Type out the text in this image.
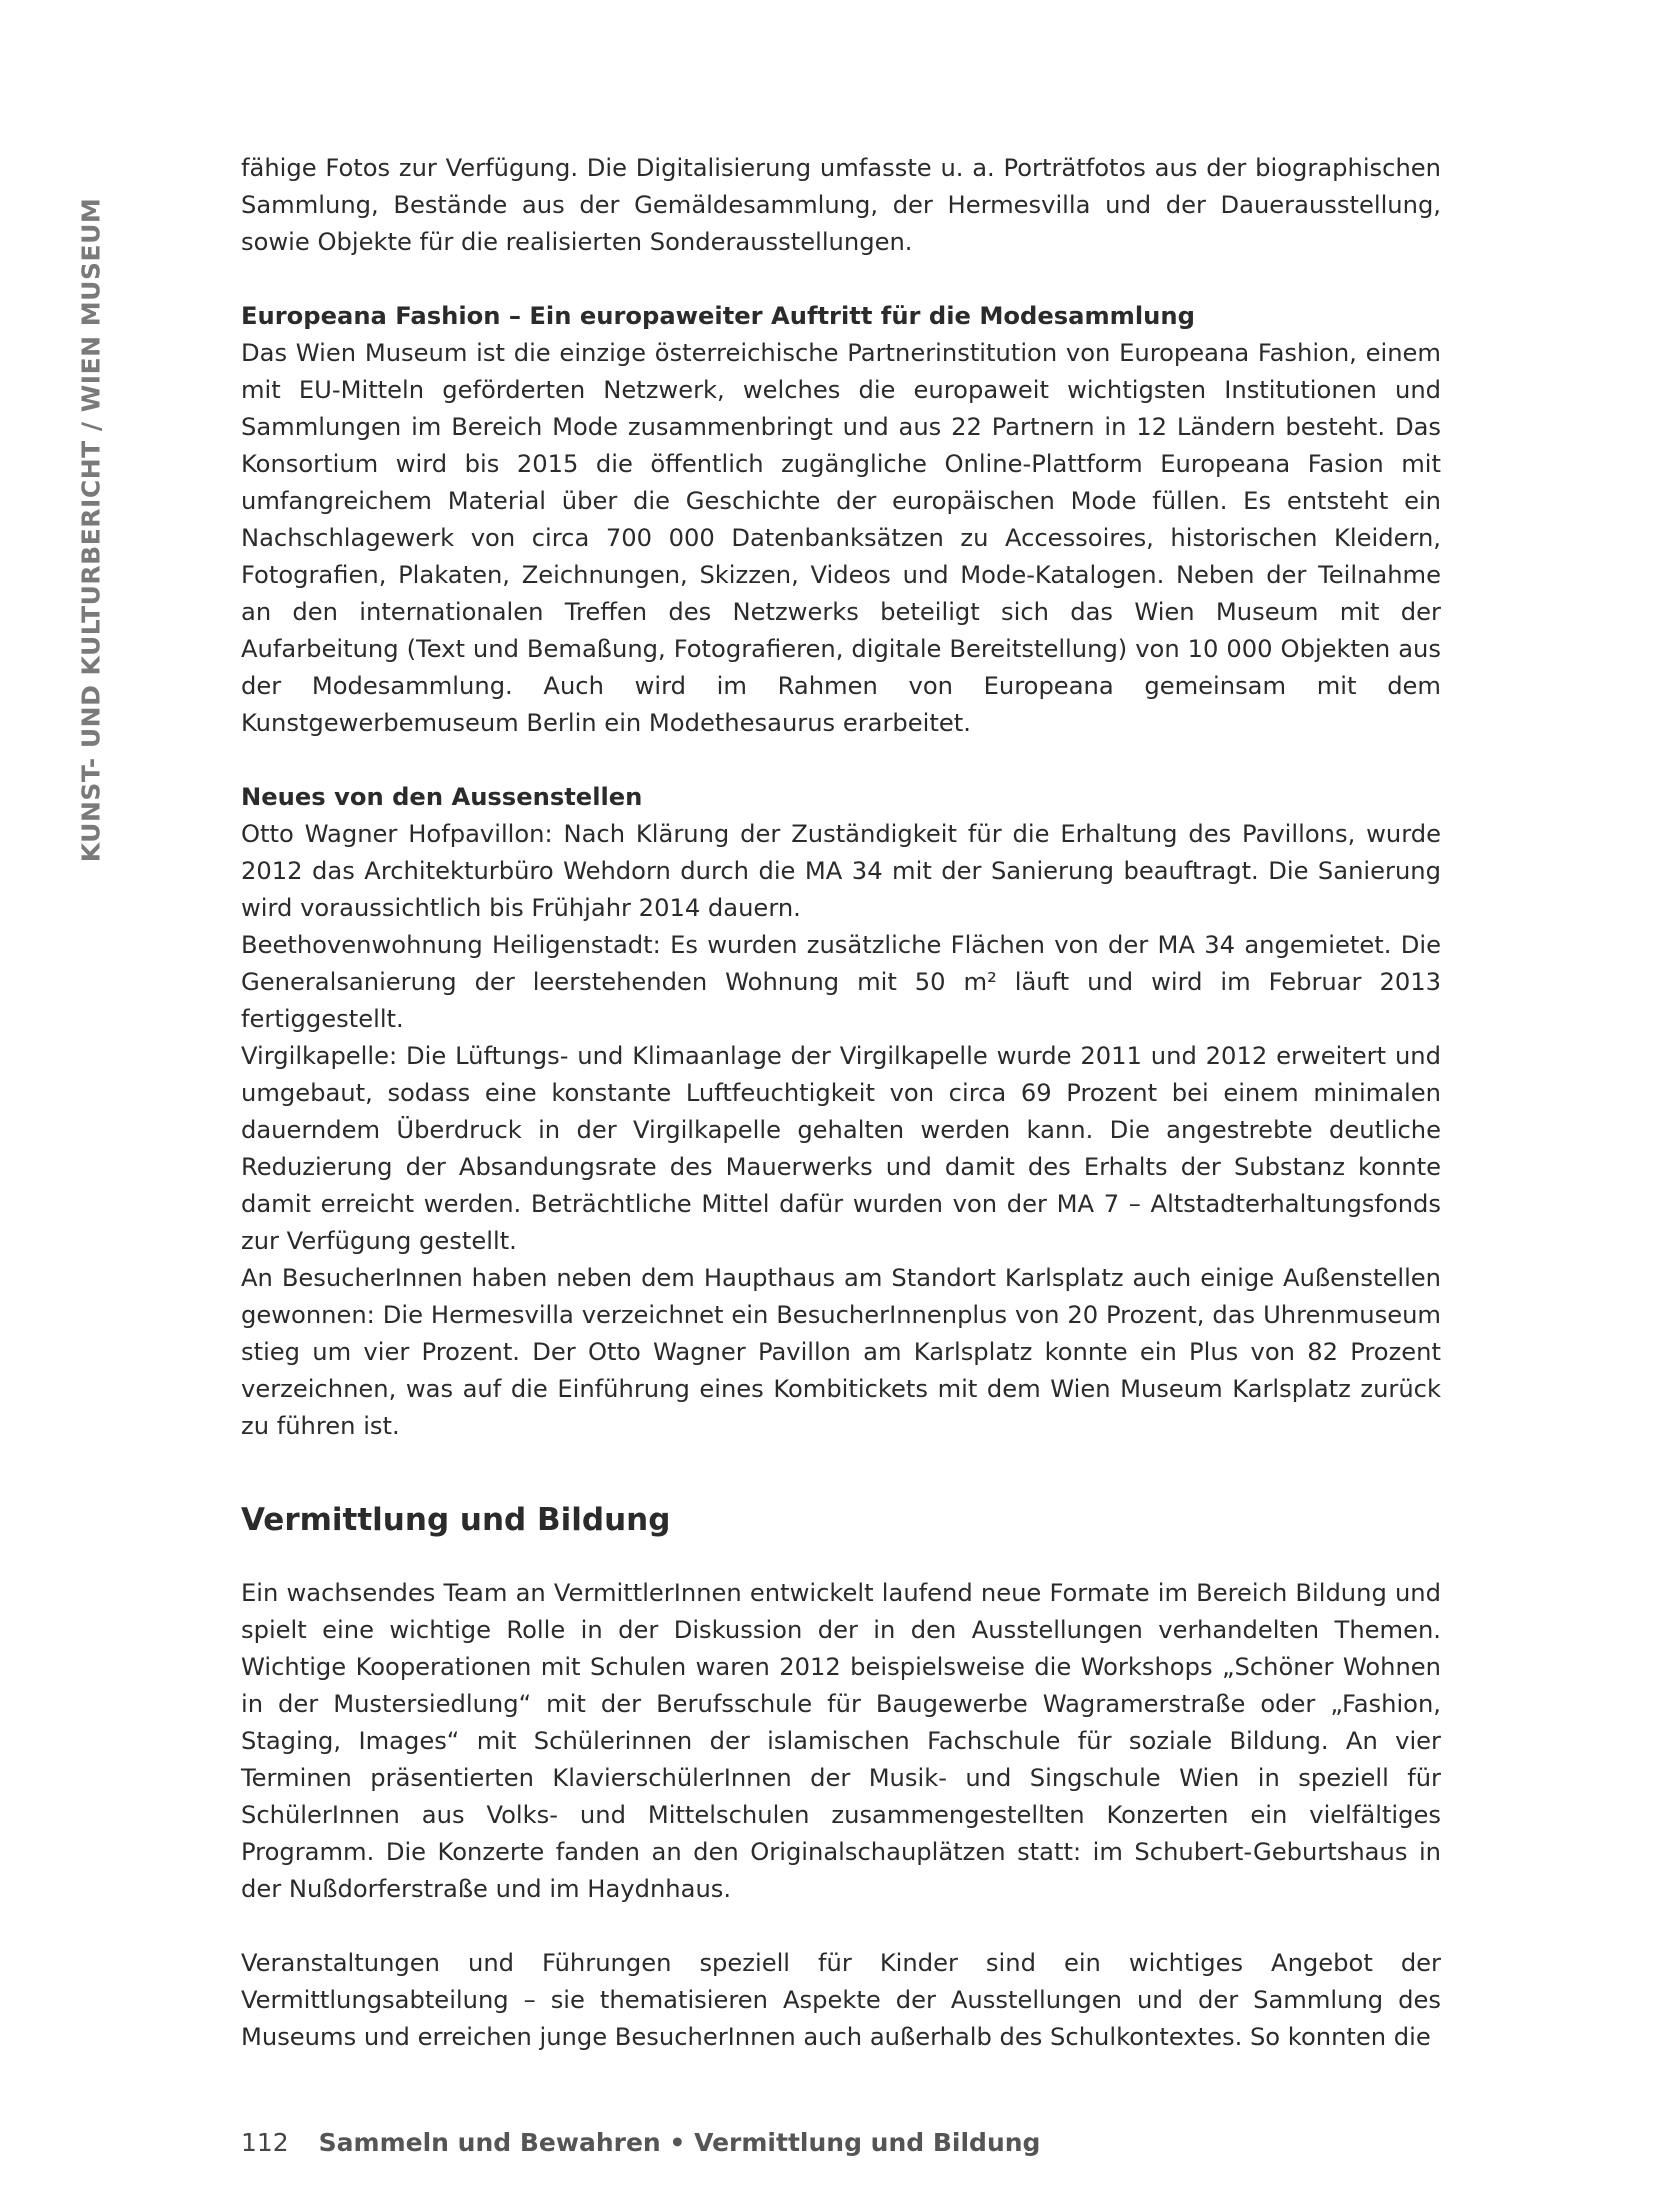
KUNST- UND KULTURBERICHT / WIEN MUSEUM

fähige Fotos zur Verfügung. Die Digitalisierung umfasste u. a. Porträtfotos aus der biographischen Sammlung, Bestände aus der Gemäldesammlung, der Hermesvilla und der Dauerausstellung, sowie Objekte für die realisierten Sonderausstellungen.

Europeana Fashion – Ein europaweiter Auftritt für die Modesammlung

Das Wien Museum ist die einzige österreichische Partnerinstitution von Europeana Fashion, einem mit EU-Mitteln geförderten Netzwerk, welches die europaweit wichtigsten Institutionen und Sammlungen im Bereich Mode zusammenbringt und aus 22 Partnern in 12 Ländern besteht. Das Konsortium wird bis 2015 die öffentlich zugängliche Online-Plattform Europeana Fasion mit umfangreichem Material über die Geschichte der europäischen Mode füllen. Es entsteht ein Nachschlagewerk von circa 700 000 Datenbanksätzen zu Accessoires, historischen Kleidern, Fotografien, Plakaten, Zeichnungen, Skizzen, Videos und Mode-Katalogen. Neben der Teilnahme an den internationalen Treffen des Netzwerks beteiligt sich das Wien Museum mit der Aufarbeitung (Text und Bemaßung, Fotografieren, digitale Bereitstellung) von 10 000 Objekten aus der Modesammlung. Auch wird im Rahmen von Europeana gemeinsam mit dem Kunstgewerbemuseum Berlin ein Modethesaurus erarbeitet.

Neues von den Aussenstellen
Otto Wagner Hofpavillon: Nach Klärung der Zuständigkeit für die Erhaltung des Pavillons, wurde 2012 das Architekturbüro Wehdorn durch die MA 34 mit der Sanierung beauftragt. Die Sanierung wird voraussichtlich bis Frühjahr 2014 dauern.
Beethovenwohnung Heiligenstadt: Es wurden zusätzliche Flächen von der MA 34 angemietet. Die Generalsanierung der leerstehenden Wohnung mit 50 m² läuft und wird im Februar 2013 fertiggestellt.
Virgilkapelle: Die Lüftungs- und Klimaanlage der Virgilkapelle wurde 2011 und 2012 erweitert und umgebaut, sodass eine konstante Luftfeuchtigkeit von circa 69 Prozent bei einem minimalen dauerndem Überdruck in der Virgilkapelle gehalten werden kann. Die angestrebte deutliche Reduzierung der Absandungsrate des Mauerwerks und damit des Erhalts der Substanz konnte damit erreicht werden. Beträchtliche Mittel dafür wurden von der MA 7 – Altstadterhaltungsfonds zur Verfügung gestellt.
An BesucherInnen haben neben dem Haupthaus am Standort Karlsplatz auch einige Außenstellen gewonnen: Die Hermesvilla verzeichnet ein BesucherInnenplus von 20 Prozent, das Uhrenmuseum stieg um vier Prozent. Der Otto Wagner Pavillon am Karlsplatz konnte ein Plus von 82 Prozent verzeichnen, was auf die Einführung eines Kombitickets mit dem Wien Museum Karlsplatz zurück zu führen ist.
Vermittlung und Bildung

Ein wachsendes Team an VermittlerInnen entwickelt laufend neue Formate im Bereich Bildung und spielt eine wichtige Rolle in der Diskussion der in den Ausstellungen verhandelten Themen. Wichtige Kooperationen mit Schulen waren 2012 beispielsweise die Workshops „Schöner Wohnen in der Mustersiedlung“ mit der Berufsschule für Baugewerbe Wagramerstraße oder „Fashion, Staging, Images“ mit Schülerinnen der islamischen Fachschule für soziale Bildung. An vier Terminen präsentierten KlavierschülerInnen der Musik- und Singschule Wien in speziell für SchülerInnen aus Volks- und Mittelschulen zusammengestellten Konzerten ein vielfältiges Programm. Die Konzerte fanden an den Originalschauplätzen statt: im Schubert-Geburtshaus in der Nußdorferstraße und im Haydnhaus.

Veranstaltungen und Führungen speziell für Kinder sind ein wichtiges Angebot der Vermittlungsabteilung – sie thematisieren Aspekte der Ausstellungen und der Sammlung des Museums und erreichen junge BesucherInnen auch außerhalb des Schulkontextes. So konnten die

112 Sammeln und Bewahren • Vermittlung und Bildung
